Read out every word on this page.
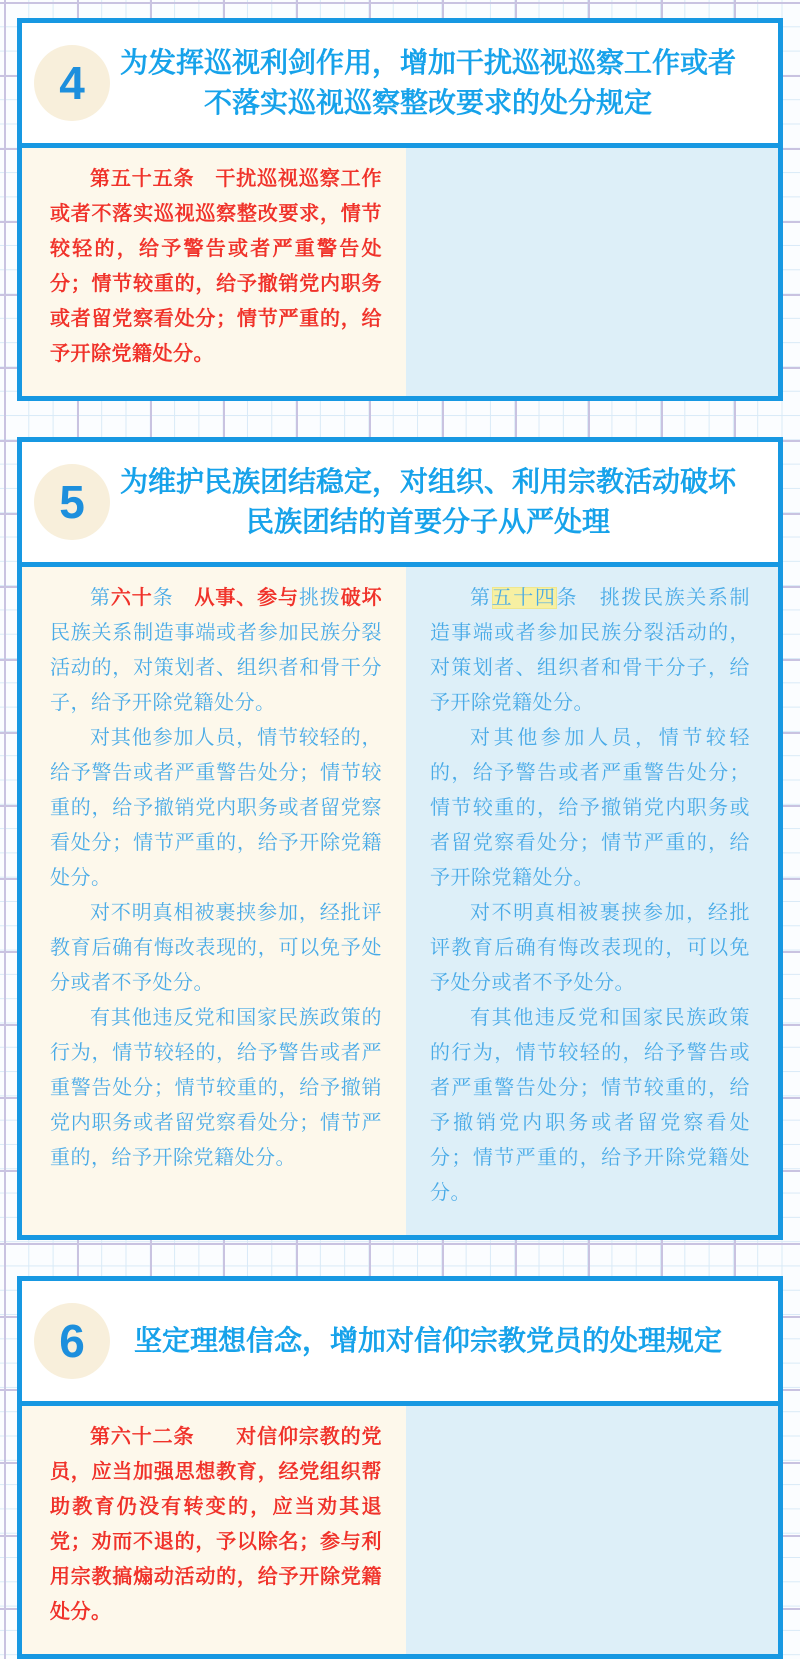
4	为发挥巡视利剑作用，增加干扰巡视巡察工作或者不落实巡视巡察整改要求的处分规定

第五十五条　干扰巡视巡察工作或者不落实巡视巡察整改要求，情节较轻的，给予警告或者严重警告处分；情节较重的，给予撤销党内职务或者留党察看处分；情节严重的，给予开除党籍处分。

5	为维护民族团结稳定，对组织、利用宗教活动破坏民族团结的首要分子从严处理

第六十条　从事、参与挑拨破坏民族关系制造事端或者参加民族分裂活动的，对策划者、组织者和骨干分子，给予开除党籍处分。

对其他参加人员，情节较轻的，给予警告或者严重警告处分；情节较重的，给予撤销党内职务或者留党察看处分；情节严重的，给予开除党籍处分。

对不明真相被裹挟参加，经批评教育后确有悔改表现的，可以免予处分或者不予处分。

有其他违反党和国家民族政策的行为，情节较轻的，给予警告或者严重警告处分；情节较重的，给予撤销党内职务或者留党察看处分；情节严重的，给予开除党籍处分。

第五十四条　挑拨民族关系制造事端或者参加民族分裂活动的，对策划者、组织者和骨干分子，给予开除党籍处分。

对其他参加人员，情节较轻的，给予警告或者严重警告处分；情节较重的，给予撤销党内职务或者留党察看处分；情节严重的，给予开除党籍处分。

对不明真相被裹挟参加，经批评教育后确有悔改表现的，可以免予处分或者不予处分。

有其他违反党和国家民族政策的行为，情节较轻的，给予警告或者严重警告处分；情节较重的，给予撤销党内职务或者留党察看处分；情节严重的，给予开除党籍处分。

6	坚定理想信念，增加对信仰宗教党员的处理规定

第六十二条　　对信仰宗教的党员，应当加强思想教育，经党组织帮助教育仍没有转变的，应当劝其退党；劝而不退的，予以除名；参与利用宗教搞煽动活动的，给予开除党籍处分。
